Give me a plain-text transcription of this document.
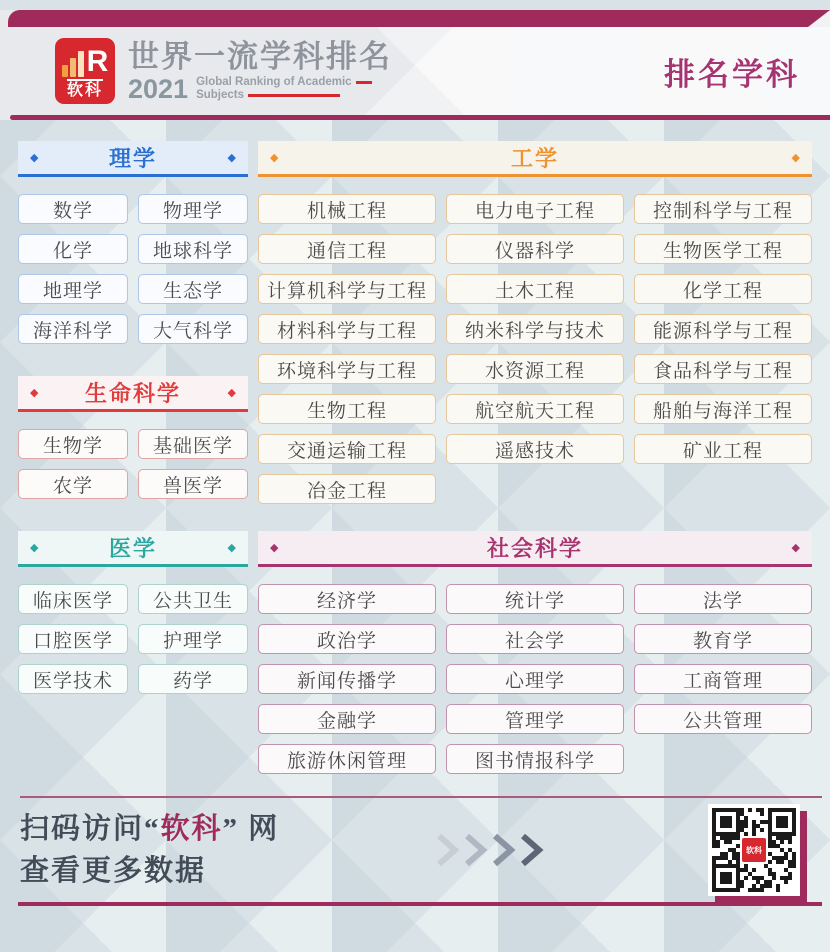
R
软科
世界一流学科排名
2021 Global Ranking of Academic
Subjects
排名学科
◆	理学	◆
数学	物理学
化学	地球科学
地理学	生态学
海洋科学	大气科学
◆	生命科学	◆
生物学	基础医学
农学	兽医学
◆	医学	◆
临床医学	公共卫生
口腔医学	护理学
医学技术	药学
◆	工学	◆
机械工程	电力电子工程	控制科学与工程
通信工程	仪器科学	生物医学工程
计算机科学与工程	土木工程	化学工程
材料科学与工程	纳米科学与技术	能源科学与工程
环境科学与工程	水资源工程	食品科学与工程
生物工程	航空航天工程	船舶与海洋工程
交通运输工程	遥感技术	矿业工程
冶金工程
◆	社会科学	◆
经济学	统计学	法学
政治学	社会学	教育学
新闻传播学	心理学	工商管理
金融学	管理学	公共管理
旅游休闲管理	图书情报科学
扫码访问“软科” 网
查看更多数据
软科
